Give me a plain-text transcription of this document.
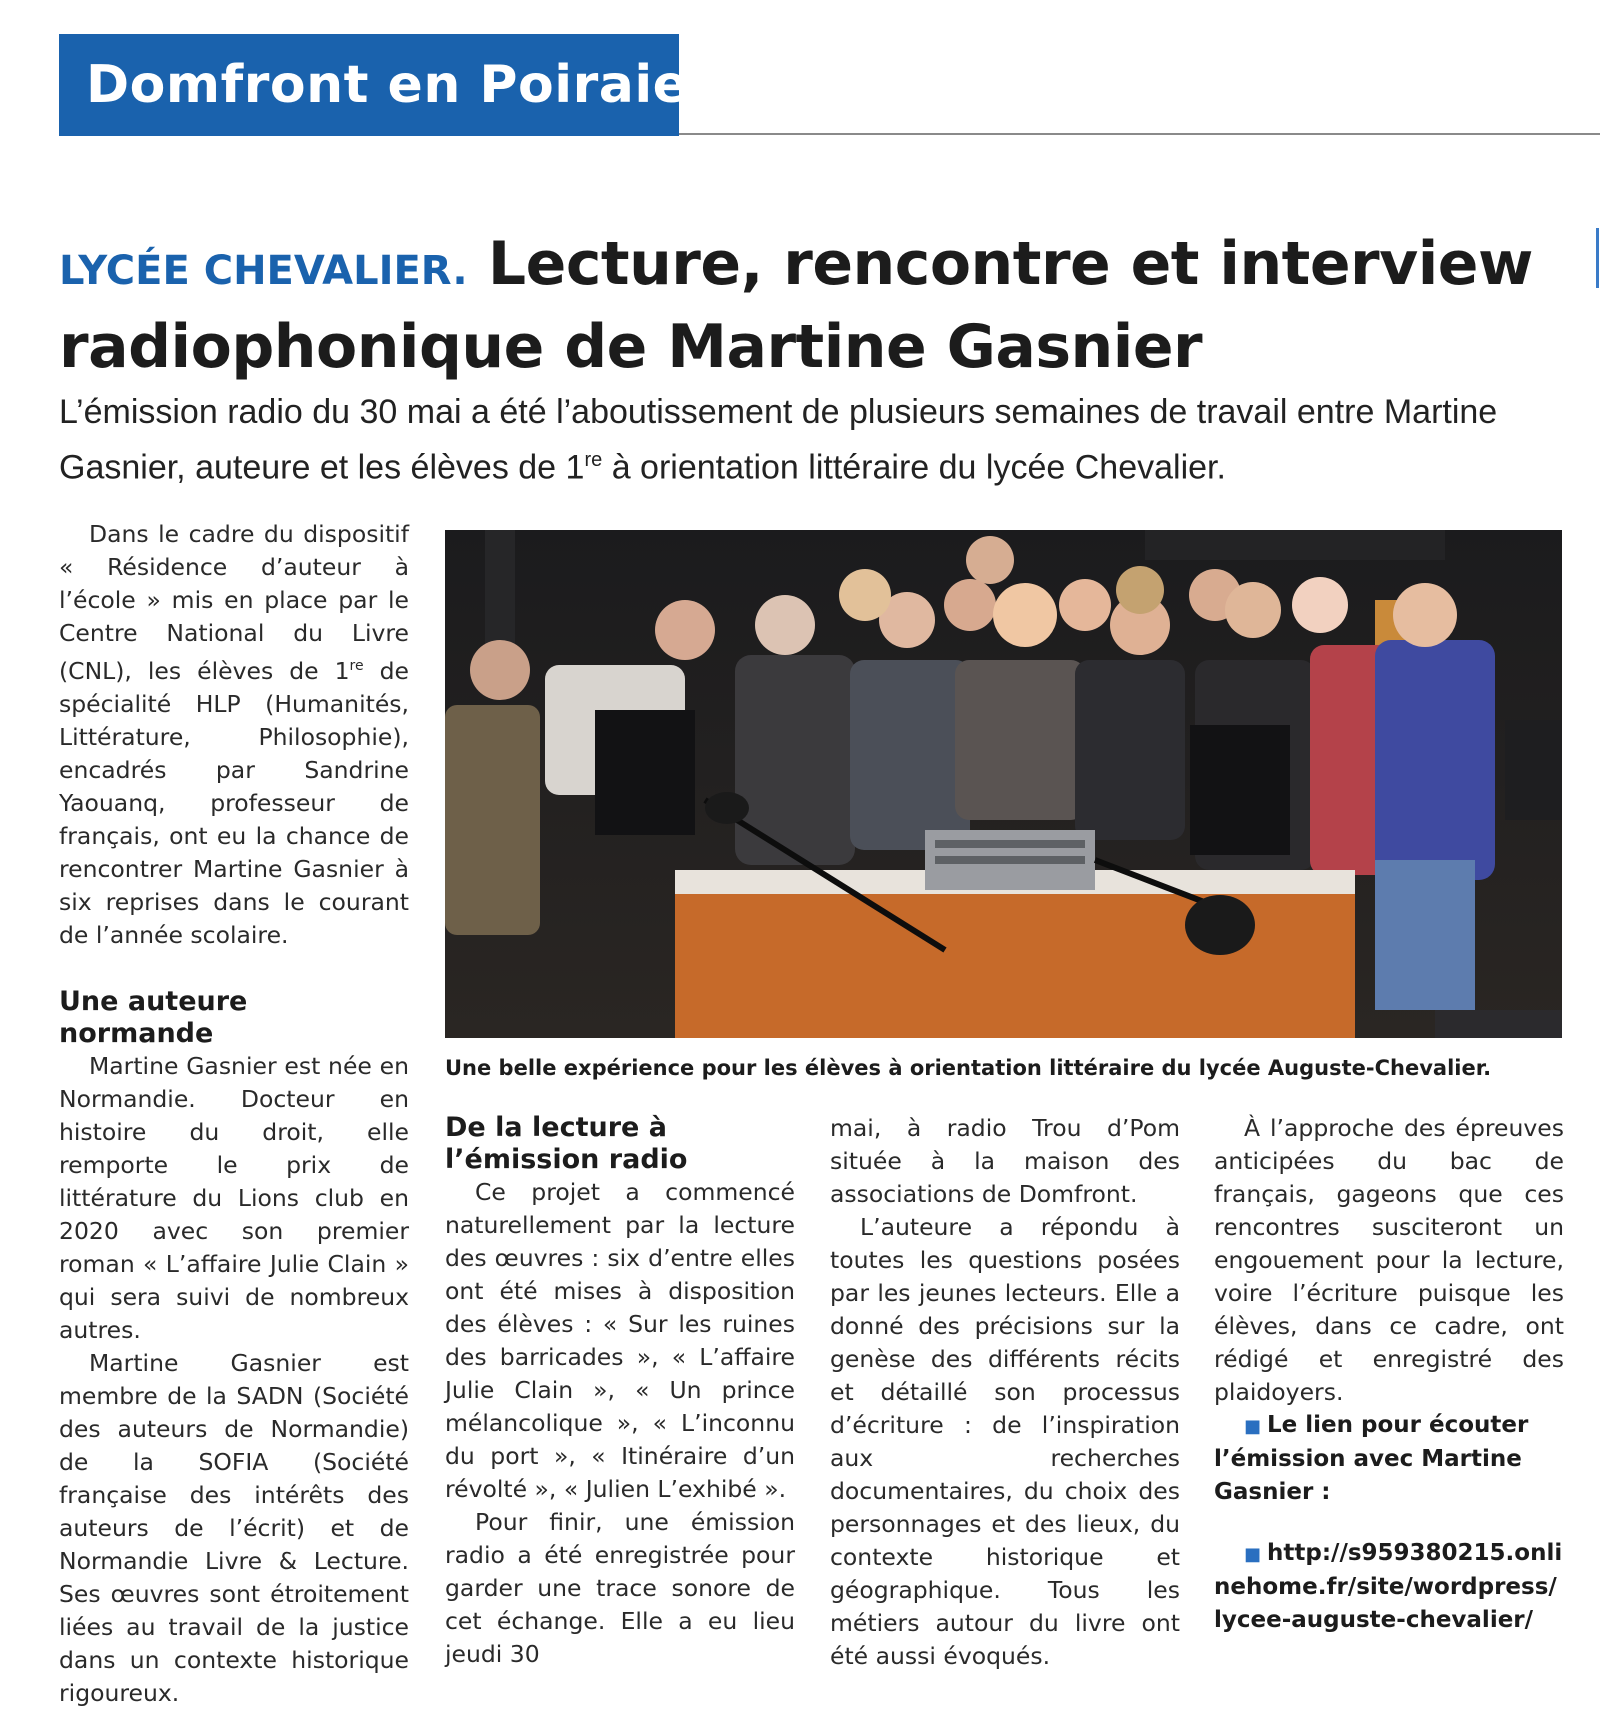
Domfront en Poiraie
LYCÉE CHEVALIER. Lecture, rencontre et interview radiophonique de Martine Gasnier

L’émission radio du 30 mai a été l’aboutissement de plusieurs semaines de travail entre Martine Gasnier, auteure et les élèves de 1re à orientation littéraire du lycée Chevalier.

Dans le cadre du dispositif « Résidence d’auteur à l’école » mis en place par le Centre National du Livre (CNL), les élèves de 1re de spécialité HLP (Humanités, Littérature, Philosophie), encadrés par Sandrine Yaouanq, professeur de français, ont eu la chance de rencontrer Martine Gasnier à six reprises dans le courant de l’année scolaire.

Une auteure normande

Martine Gasnier est née en Normandie. Docteur en histoire du droit, elle remporte le prix de littérature du Lions club en 2020 avec son premier roman « L’affaire Julie Clain » qui sera suivi de nombreux autres.

Martine Gasnier est membre de la SADN (Société des auteurs de Normandie) de la SOFIA (Société française des intérêts des auteurs de l’écrit) et de Normandie Livre & Lecture. Ses œuvres sont étroitement liées au travail de la justice dans un contexte historique rigoureux.

Une belle expérience pour les élèves à orientation littéraire du lycée Auguste-Chevalier.

De la lecture à l’émission radio

Ce projet a commencé naturellement par la lecture des œuvres : six d’entre elles ont été mises à disposition des élèves : « Sur les ruines des barricades », « L’affaire Julie Clain », « Un prince mélancolique », « L’inconnu du port », « Itinéraire d’un révolté », « Julien L’exhibé ».

Pour finir, une émission radio a été enregistrée pour garder une trace sonore de cet échange. Elle a eu lieu jeudi 30

mai, à radio Trou d’Pom située à la maison des associations de Domfront.

L’auteure a répondu à toutes les questions posées par les jeunes lecteurs. Elle a donné des précisions sur la genèse des différents récits et détaillé son processus d’écriture : de l’inspiration aux recherches documentaires, du choix des personnages et des lieux, du contexte historique et géographique. Tous les métiers autour du livre ont été aussi évoqués.

À l’approche des épreuves anticipées du bac de français, gageons que ces rencontres susciteront un engouement pour la lecture, voire l’écriture puisque les élèves, dans ce cadre, ont rédigé et enregistré des plaidoyers.

■ Le lien pour écouter l’émission avec Martine Gasnier :

■ http://s959380215.onlinehome.fr/site/wordpress/lycee-auguste-chevalier/
